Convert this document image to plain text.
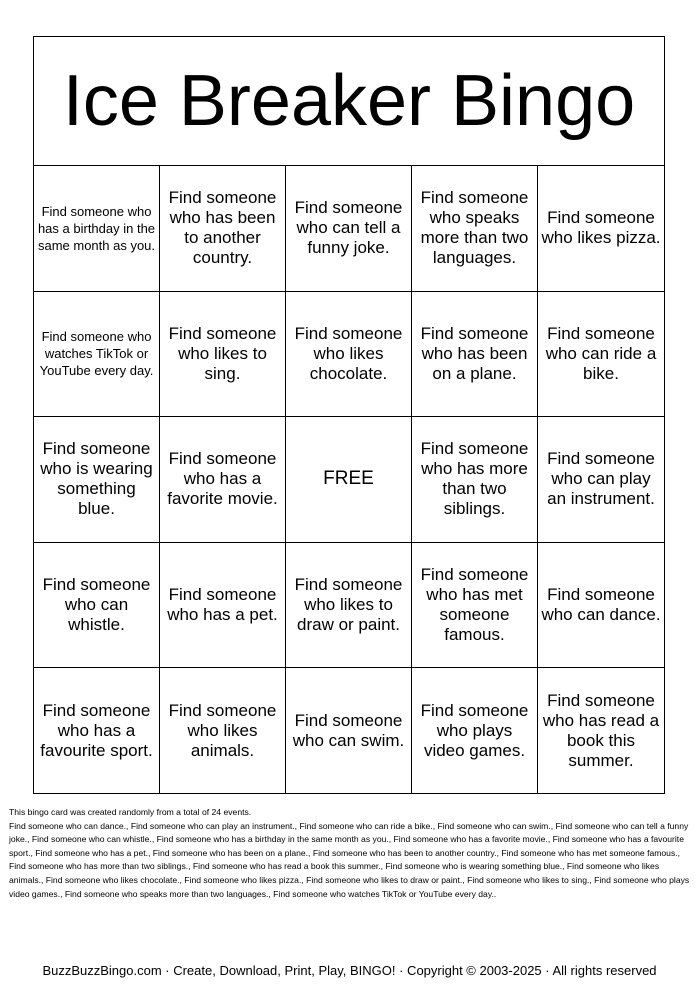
Ice Breaker Bingo
Find someone who has a birthday in the same month as you.
Find someone who has been to another country.
Find someone who can tell a funny joke.
Find someone who speaks more than two languages.
Find someone who likes pizza.
Find someone who watches TikTok or YouTube every day.
Find someone who likes to sing.
Find someone who likes chocolate.
Find someone who has been on a plane.
Find someone who can ride a bike.
Find someone who is wearing something blue.
Find someone who has a favorite movie.
FREE
Find someone who has more than two siblings.
Find someone who can play an instrument.
Find someone who can whistle.
Find someone who has a pet.
Find someone who likes to draw or paint.
Find someone who has met someone famous.
Find someone who can dance.
Find someone who has a favourite sport.
Find someone who likes animals.
Find someone who can swim.
Find someone who plays video games.
Find someone who has read a book this summer.

This bingo card was created randomly from a total of 24 events.

Find someone who can dance., Find someone who can play an instrument., Find someone who can ride a bike., Find someone who can swim., Find someone who can tell a funny joke., Find someone who can whistle., Find someone who has a birthday in the same month as you., Find someone who has a favorite movie., Find someone who has a favourite sport., Find someone who has a pet., Find someone who has been on a plane., Find someone who has been to another country., Find someone who has met someone famous., Find someone who has more than two siblings., Find someone who has read a book this summer., Find someone who is wearing something blue., Find someone who likes animals., Find someone who likes chocolate., Find someone who likes pizza., Find someone who likes to draw or paint., Find someone who likes to sing., Find someone who plays video games., Find someone who speaks more than two languages., Find someone who watches TikTok or YouTube every day..

BuzzBuzzBingo.com · Create, Download, Print, Play, BINGO! · Copyright © 2003-2025 · All rights reserved
